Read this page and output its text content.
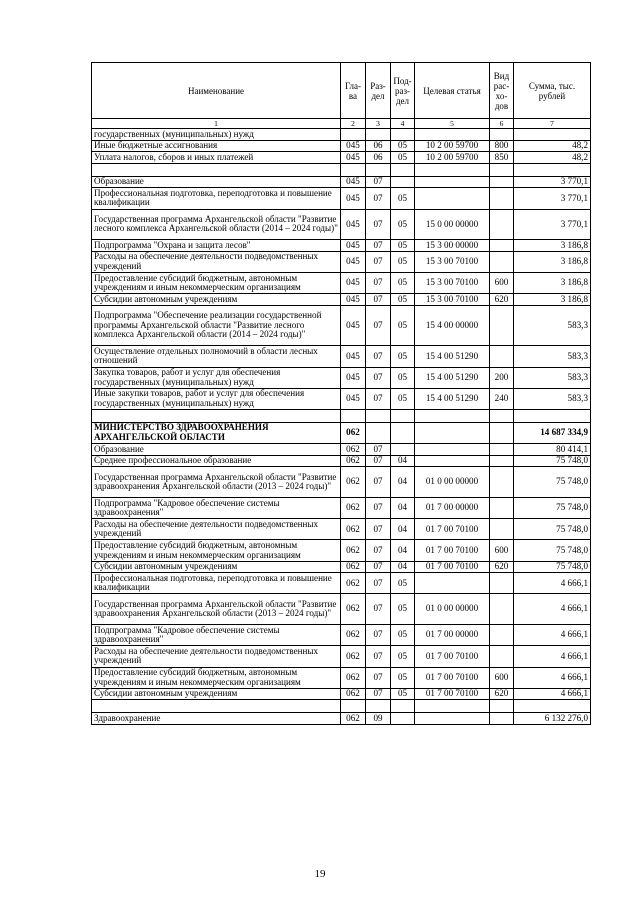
Наименование	Гла-ва	Раз-дел	Под-раз-дел	Целевая статья	Вид рас-хо-дов	Сумма, тыс. рублей
1	2	3	4	5	6	7
государственных (муниципальных) нужд						
Иные бюджетные ассигнования	045	06	05	10 2 00 59700	800	48,2
Уплата налогов, сборов и иных платежей	045	06	05	10 2 00 59700	850	48,2

Образование	045	07				3 770,1
Профессиональная подготовка, переподготовка и повышение квалификации	045	07	05			3 770,1
Государственная программа Архангельской области "Развитие лесного комплекса Архангельской области (2014 – 2024 годы)"	045	07	05	15 0 00 00000		3 770,1
Подпрограмма "Охрана и защита лесов"	045	07	05	15 3 00 00000		3 186,8
Расходы на обеспечение деятельности подведомственных учреждений	045	07	05	15 3 00 70100		3 186,8
Предоставление субсидий бюджетным, автономным учреждениям и иным некоммерческим организациям	045	07	05	15 3 00 70100	600	3 186,8
Субсидии автономным учреждениям	045	07	05	15 3 00 70100	620	3 186,8
Подпрограмма "Обеспечение реализации государственной программы Архангельской области "Развитие лесного комплекса Архангельской области (2014 – 2024 годы)"	045	07	05	15 4 00 00000		583,3
Осуществление отдельных полномочий в области лесных отношений	045	07	05	15 4 00 51290		583,3
Закупка товаров, работ и услуг для обеспечения государственных (муниципальных) нужд	045	07	05	15 4 00 51290	200	583,3
Иные закупки товаров, работ и услуг для обеспечения государственных (муниципальных) нужд	045	07	05	15 4 00 51290	240	583,3

МИНИСТЕРСТВО ЗДРАВООХРАНЕНИЯ АРХАНГЕЛЬСКОЙ ОБЛАСТИ	062					14 687 334,9
Образование	062	07				80 414,1
Среднее профессиональное образование	062	07	04			75 748,0
Государственная программа Архангельской области "Развитие здравоохранения Архангельской области (2013 – 2024 годы)"	062	07	04	01 0 00 00000		75 748,0
Подпрограмма "Кадровое обеспечение системы здравоохранения"	062	07	04	01 7 00 00000		75 748,0
Расходы на обеспечение деятельности подведомственных учреждений	062	07	04	01 7 00 70100		75 748,0
Предоставление субсидий бюджетным, автономным учреждениям и иным некоммерческим организациям	062	07	04	01 7 00 70100	600	75 748,0
Субсидии автономным учреждениям	062	07	04	01 7 00 70100	620	75 748,0
Профессиональная подготовка, переподготовка и повышение квалификации	062	07	05			4 666,1
Государственная программа Архангельской области "Развитие здравоохранения Архангельской области (2013 – 2024 годы)"	062	07	05	01 0 00 00000		4 666,1
Подпрограмма "Кадровое обеспечение системы здравоохранения"	062	07	05	01 7 00 00000		4 666,1
Расходы на обеспечение деятельности подведомственных учреждений	062	07	05	01 7 00 70100		4 666,1
Предоставление субсидий бюджетным, автономным учреждениям и иным некоммерческим организациям	062	07	05	01 7 00 70100	600	4 666,1
Субсидии автономным учреждениям	062	07	05	01 7 00 70100	620	4 666,1

Здравоохранение	062	09				6 132 276,0
19
